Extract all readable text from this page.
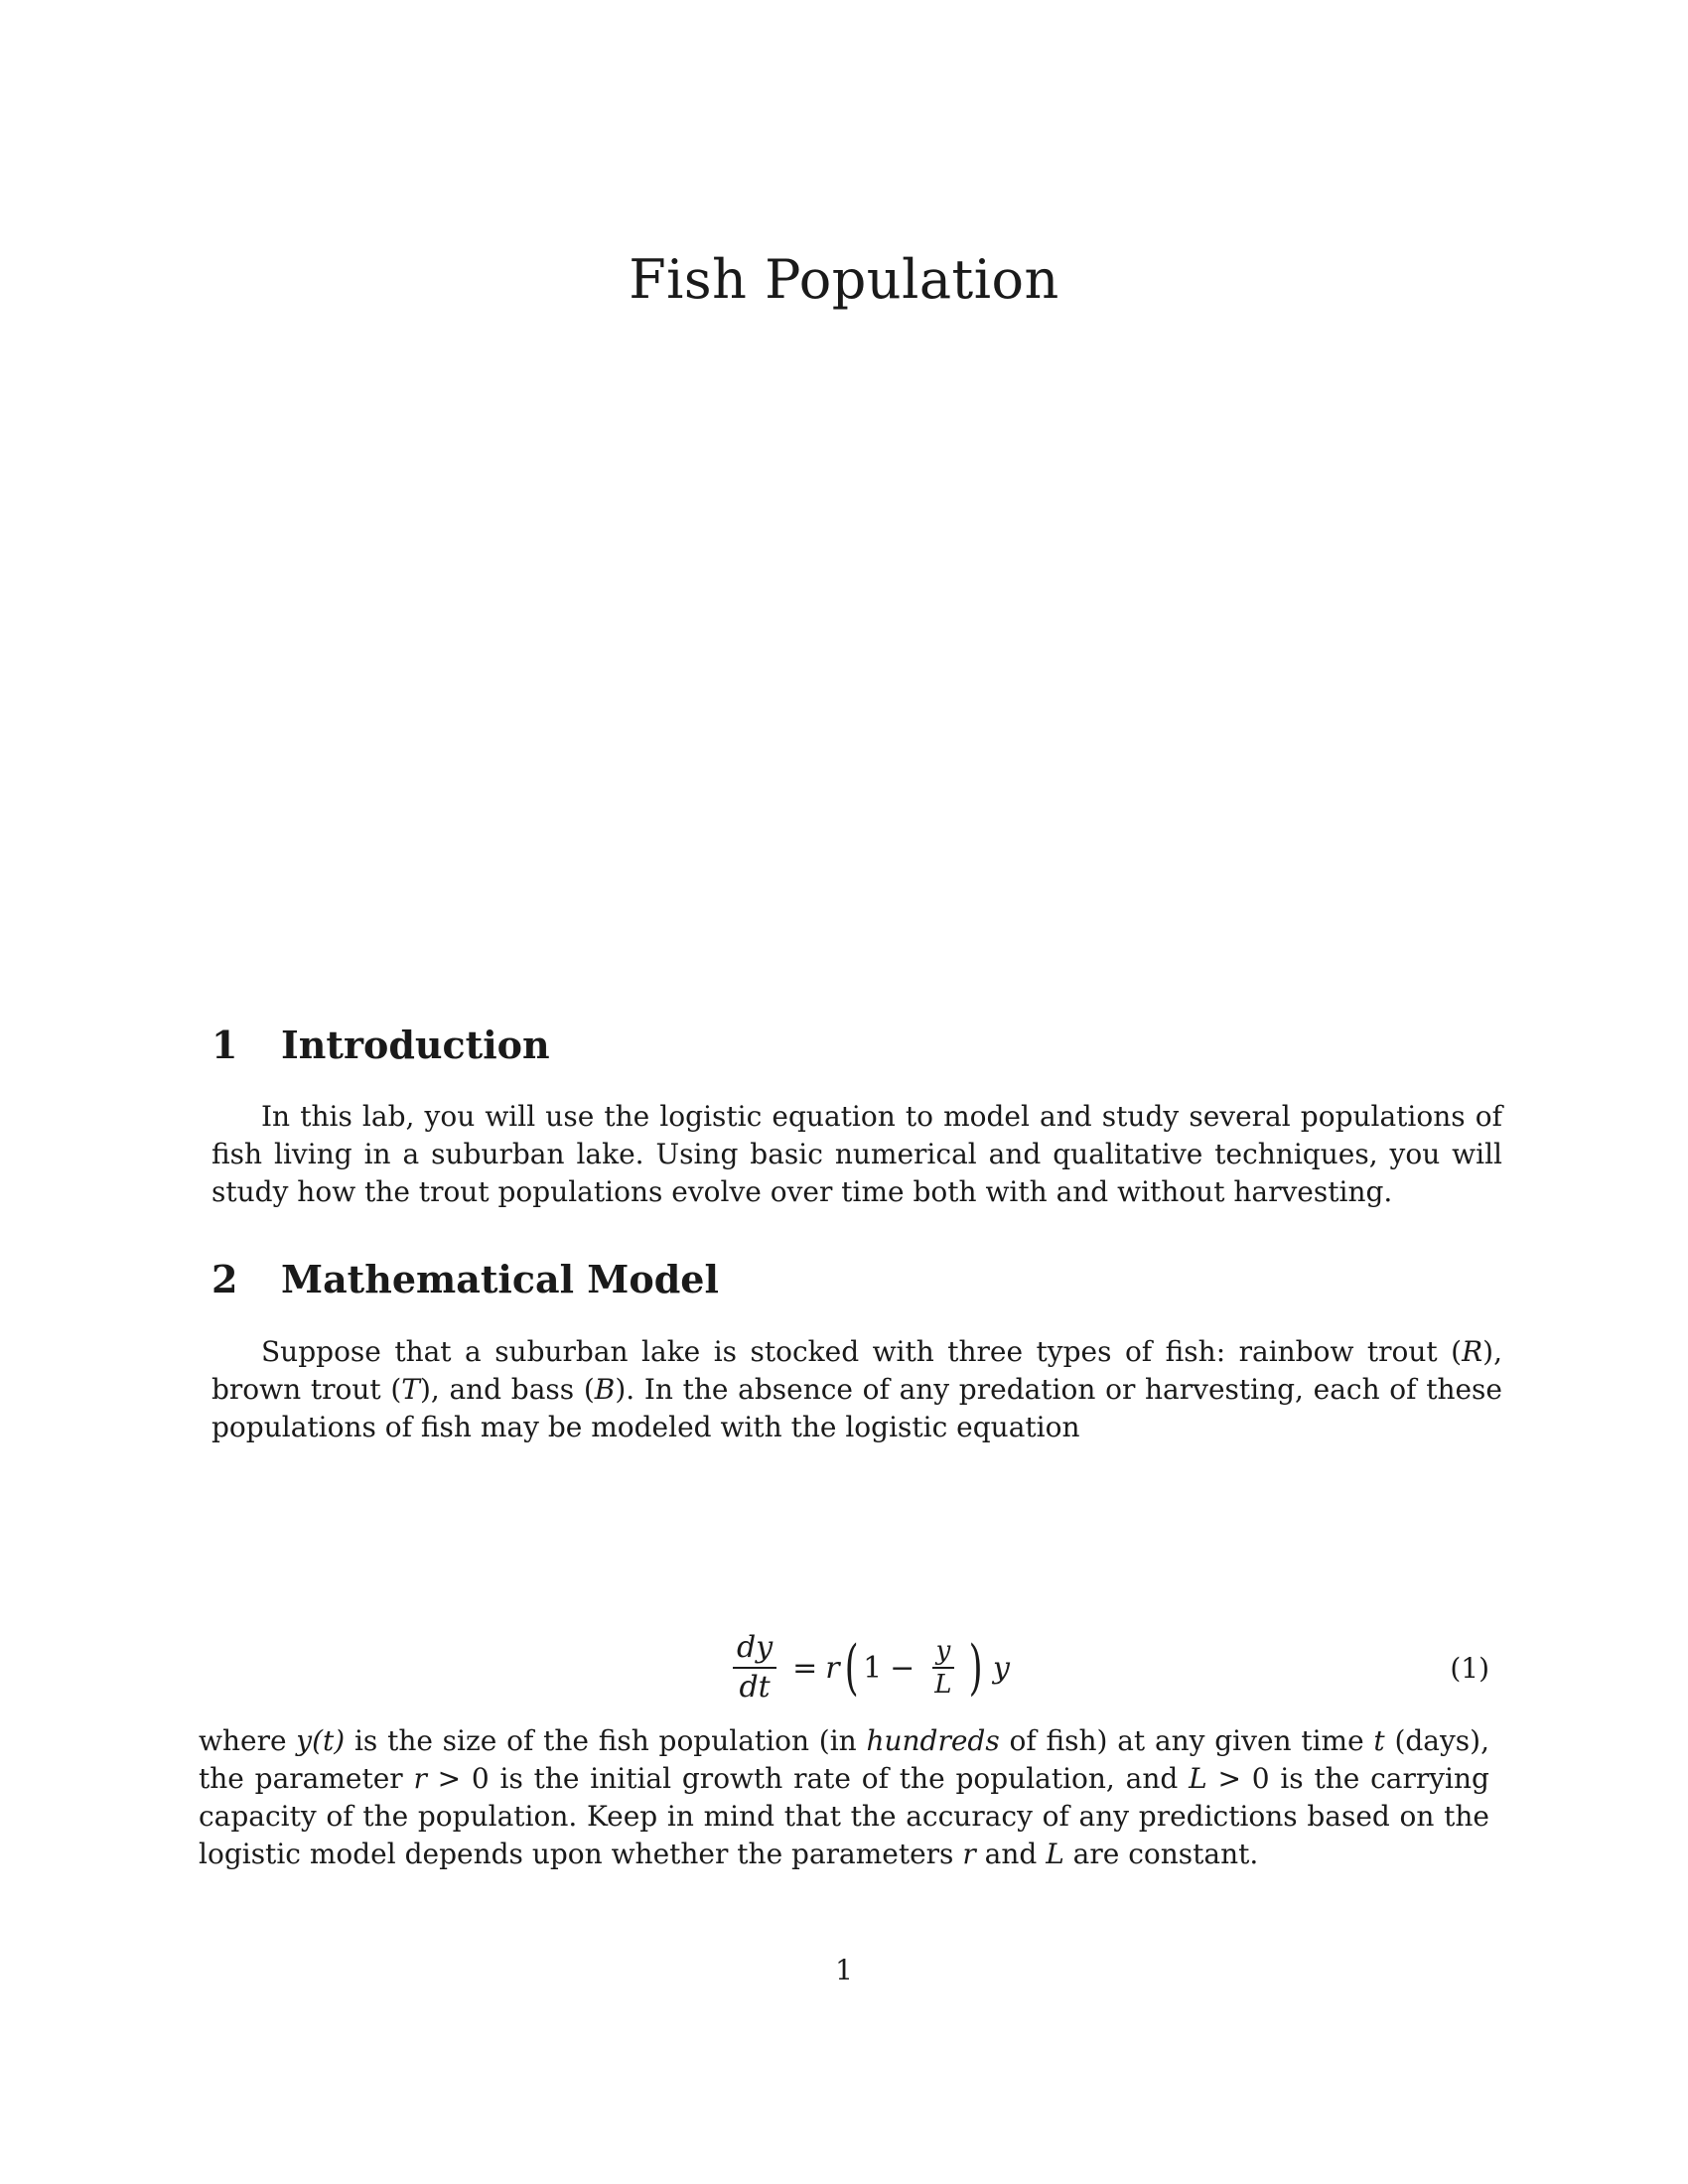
Fish Population
1 Introduction

In this lab, you will use the logistic equation to model and study several populations of fish living in a suburban lake. Using basic numerical and qualitative techniques, you will study how the trout populations evolve over time both with and without harvesting.

2 Mathematical Model

Suppose that a suburban lake is stocked with three types of fish: rainbow trout (R), brown trout (T), and bass (B). In the absence of any predation or harvesting, each of these populations of fish may be modeled with the logistic equation

$\frac{dy}{dt} = r$ ( $1 - \frac{y}{L}$ ) y	(1)

where y(t) is the size of the fish population (in hundreds of fish) at any given time t (days), the parameter r > 0 is the initial growth rate of the population, and L > 0 is the carrying capacity of the population. Keep in mind that the accuracy of any predictions based on the logistic model depends upon whether the parameters r and L are constant.

1
